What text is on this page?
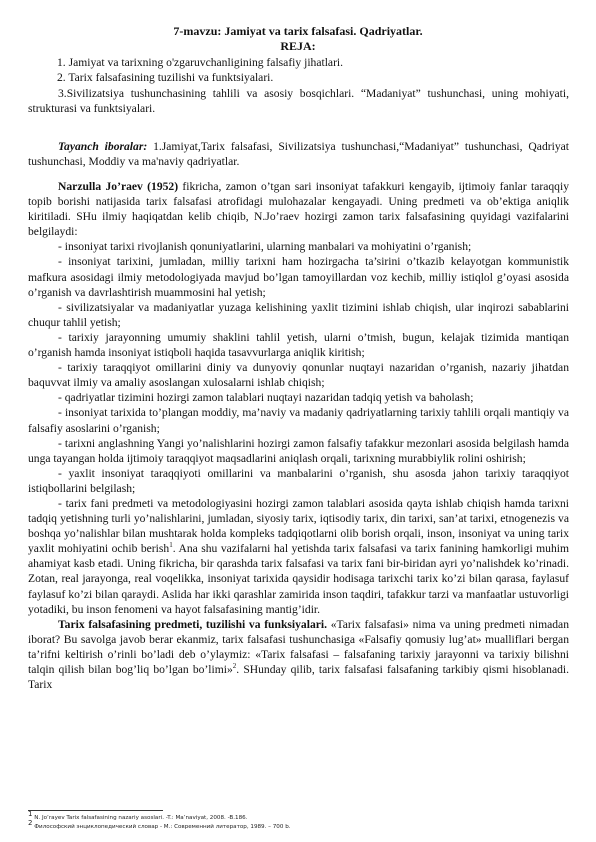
7-mavzu: Jamiyat va tarix falsafasi. Qadriyatlar.
REJA:
1. Jamiyat va tarixning o'zgaruvchanligining falsafiy jihatlari.
2. Tarix falsafasining tuzilishi va funktsiyalari.
3.Sivilizatsiya tushunchasining tahlili va asosiy bosqichlari. “Madaniyat” tushunchasi, uning mohiyati, strukturasi va funktsiyalari.
Tayanch iboralar: 1.Jamiyat,Tarix falsafasi, Sivilizatsiya tushunchasi,“Madaniyat” tushunchasi, Qadriyat tushunchasi, Moddiy va ma'naviy qadriyatlar.

Narzulla Jo’raev (1952) fikricha, zamon o’tgan sari insoniyat tafakkuri kengayib, ijtimoiy fanlar taraqqiy topib borishi natijasida tarix falsafasi atrofidagi mulohazalar kengayadi. Uning predmeti va ob’ektiga aniqlik kiritiladi. SHu ilmiy haqiqatdan kelib chiqib, N.Jo’raev hozirgi zamon tarix falsafasining quyidagi vazifalarini belgilaydi:

- insoniyat tarixi rivojlanish qonuniyatlarini, ularning manbalari va mohiyatini o’rganish;

- insoniyat tarixini, jumladan, milliy tarixni ham hozirgacha ta’sirini o’tkazib kelayotgan kommunistik mafkura asosidagi ilmiy metodologiyada mavjud bo’lgan tamoyillardan voz kechib, milliy istiqlol g’oyasi asosida o’rganish va davrlashtirish muammosini hal yetish;

- sivilizatsiyalar va madaniyatlar yuzaga kelishining yaxlit tizimini ishlab chiqish, ular inqirozi sabablarini chuqur tahlil yetish;

- tarixiy jarayonning umumiy shaklini tahlil yetish, ularni o’tmish, bugun, kelajak tizimida mantiqan o’rganish hamda insoniyat istiqboli haqida tasavvurlarga aniqlik kiritish;

- tarixiy taraqqiyot omillarini diniy va dunyoviy qonunlar nuqtayi nazaridan o’rganish, nazariy jihatdan baquvvat ilmiy va amaliy asoslangan xulosalarni ishlab chiqish;

- qadriyatlar tizimini hozirgi zamon talablari nuqtayi nazaridan tadqiq yetish va baholash;

- insoniyat tarixida to’plangan moddiy, ma’naviy va madaniy qadriyatlarning tarixiy tahlili orqali mantiqiy va falsafiy asoslarini o’rganish;

- tarixni anglashning Yangi yo’nalishlarini hozirgi zamon falsafiy tafakkur mezonlari asosida belgilash hamda unga tayangan holda ijtimoiy taraqqiyot maqsadlarini aniqlash orqali, tarixning murabbiylik rolini oshirish;

- yaxlit insoniyat taraqqiyoti omillarini va manbalarini o’rganish, shu asosda jahon tarixiy taraqqiyot istiqbollarini belgilash;

- tarix fani predmeti va metodologiyasini hozirgi zamon talablari asosida qayta ishlab chiqish hamda tarixni tadqiq yetishning turli yo’nalishlarini, jumladan, siyosiy tarix, iqtisodiy tarix, din tarixi, san’at tarixi, etnogenezis va boshqa yo’nalishlar bilan mushtarak holda kompleks tadqiqotlarni olib borish orqali, inson, insoniyat va uning tarix yaxlit mohiyatini ochib berish$^1$. Ana shu vazifalarni hal yetishda tarix falsafasi va tarix fanining hamkorligi muhim ahamiyat kasb etadi. Uning fikricha, bir qarashda tarix falsafasi va tarix fani bir-biridan ayri yo’nalishdek ko’rinadi. Zotan, real jarayonga, real voqelikka, insoniyat tarixida qaysidir hodisaga tarixchi tarix ko’zi bilan qarasa, faylasuf faylasuf ko’zi bilan qaraydi. Aslida har ikki qarashlar zamirida inson taqdiri, tafakkur tarzi va manfaatlar ustuvorligi yotadiki, bu inson fenomeni va hayot falsafasining mantig’idir.

Tarix falsafasining predmeti, tuzilishi va funksiyalari. «Tarix falsafasi» nima va uning predmeti nimadan iborat? Bu savolga javob berar ekanmiz, tarix falsafasi tushunchasiga «Falsafiy qomusiy lug’at» mualliflari bergan ta’rifni keltirish o’rinli bo’ladi deb o’ylaymiz: «Tarix falsafasi – falsafaning tarixiy jarayonni va tarixiy bilishni talqin qilish bilan bog’liq bo’lgan bo’limi»$^2$. SHunday qilib, tarix falsafasi falsafaning tarkibiy qismi hisoblanadi. Tarix

$^1$ N. Jo’rayev Tarix falsafasining nazariy asoslari. -T.: Ma’naviyat, 2008. -B.186.
$^2$ Философский энциклопедический словар - М.: Современний литератор, 1989. – 700 b.
